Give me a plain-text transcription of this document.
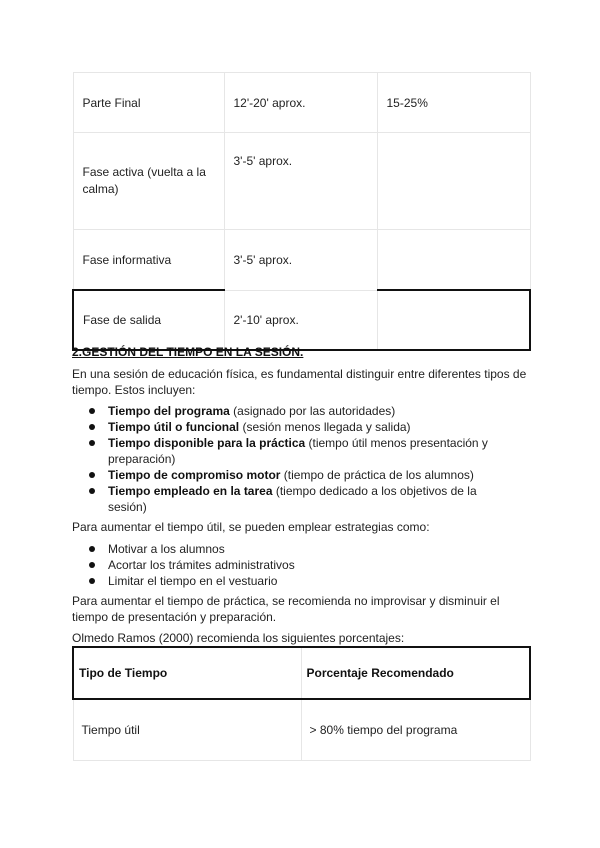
Parte Final	12'-20' aprox.	15-25%
Fase activa (vuelta a la calma)	3'-5' aprox.	
Fase informativa	3'-5' aprox.	
Fase de salida	2'-10' aprox.	

2.GESTIÓN DEL TIEMPO EN LA SESIÓN.

En una sesión de educación física, es fundamental distinguir entre diferentes tipos de tiempo. Estos incluyen:

Tiempo del programa (asignado por las autoridades)
Tiempo útil o funcional (sesión menos llegada y salida)
Tiempo disponible para la práctica (tiempo útil menos presentación y preparación)
Tiempo de compromiso motor (tiempo de práctica de los alumnos)
Tiempo empleado en la tarea (tiempo dedicado a los objetivos de la sesión)

Para aumentar el tiempo útil, se pueden emplear estrategias como:

Motivar a los alumnos
Acortar los trámites administrativos
Limitar el tiempo en el vestuario

Para aumentar el tiempo de práctica, se recomienda no improvisar y disminuir el tiempo de presentación y preparación.

Olmedo Ramos (2000) recomienda los siguientes porcentajes:

Tipo de Tiempo	Porcentaje Recomendado
Tiempo útil	> 80% tiempo del programa
